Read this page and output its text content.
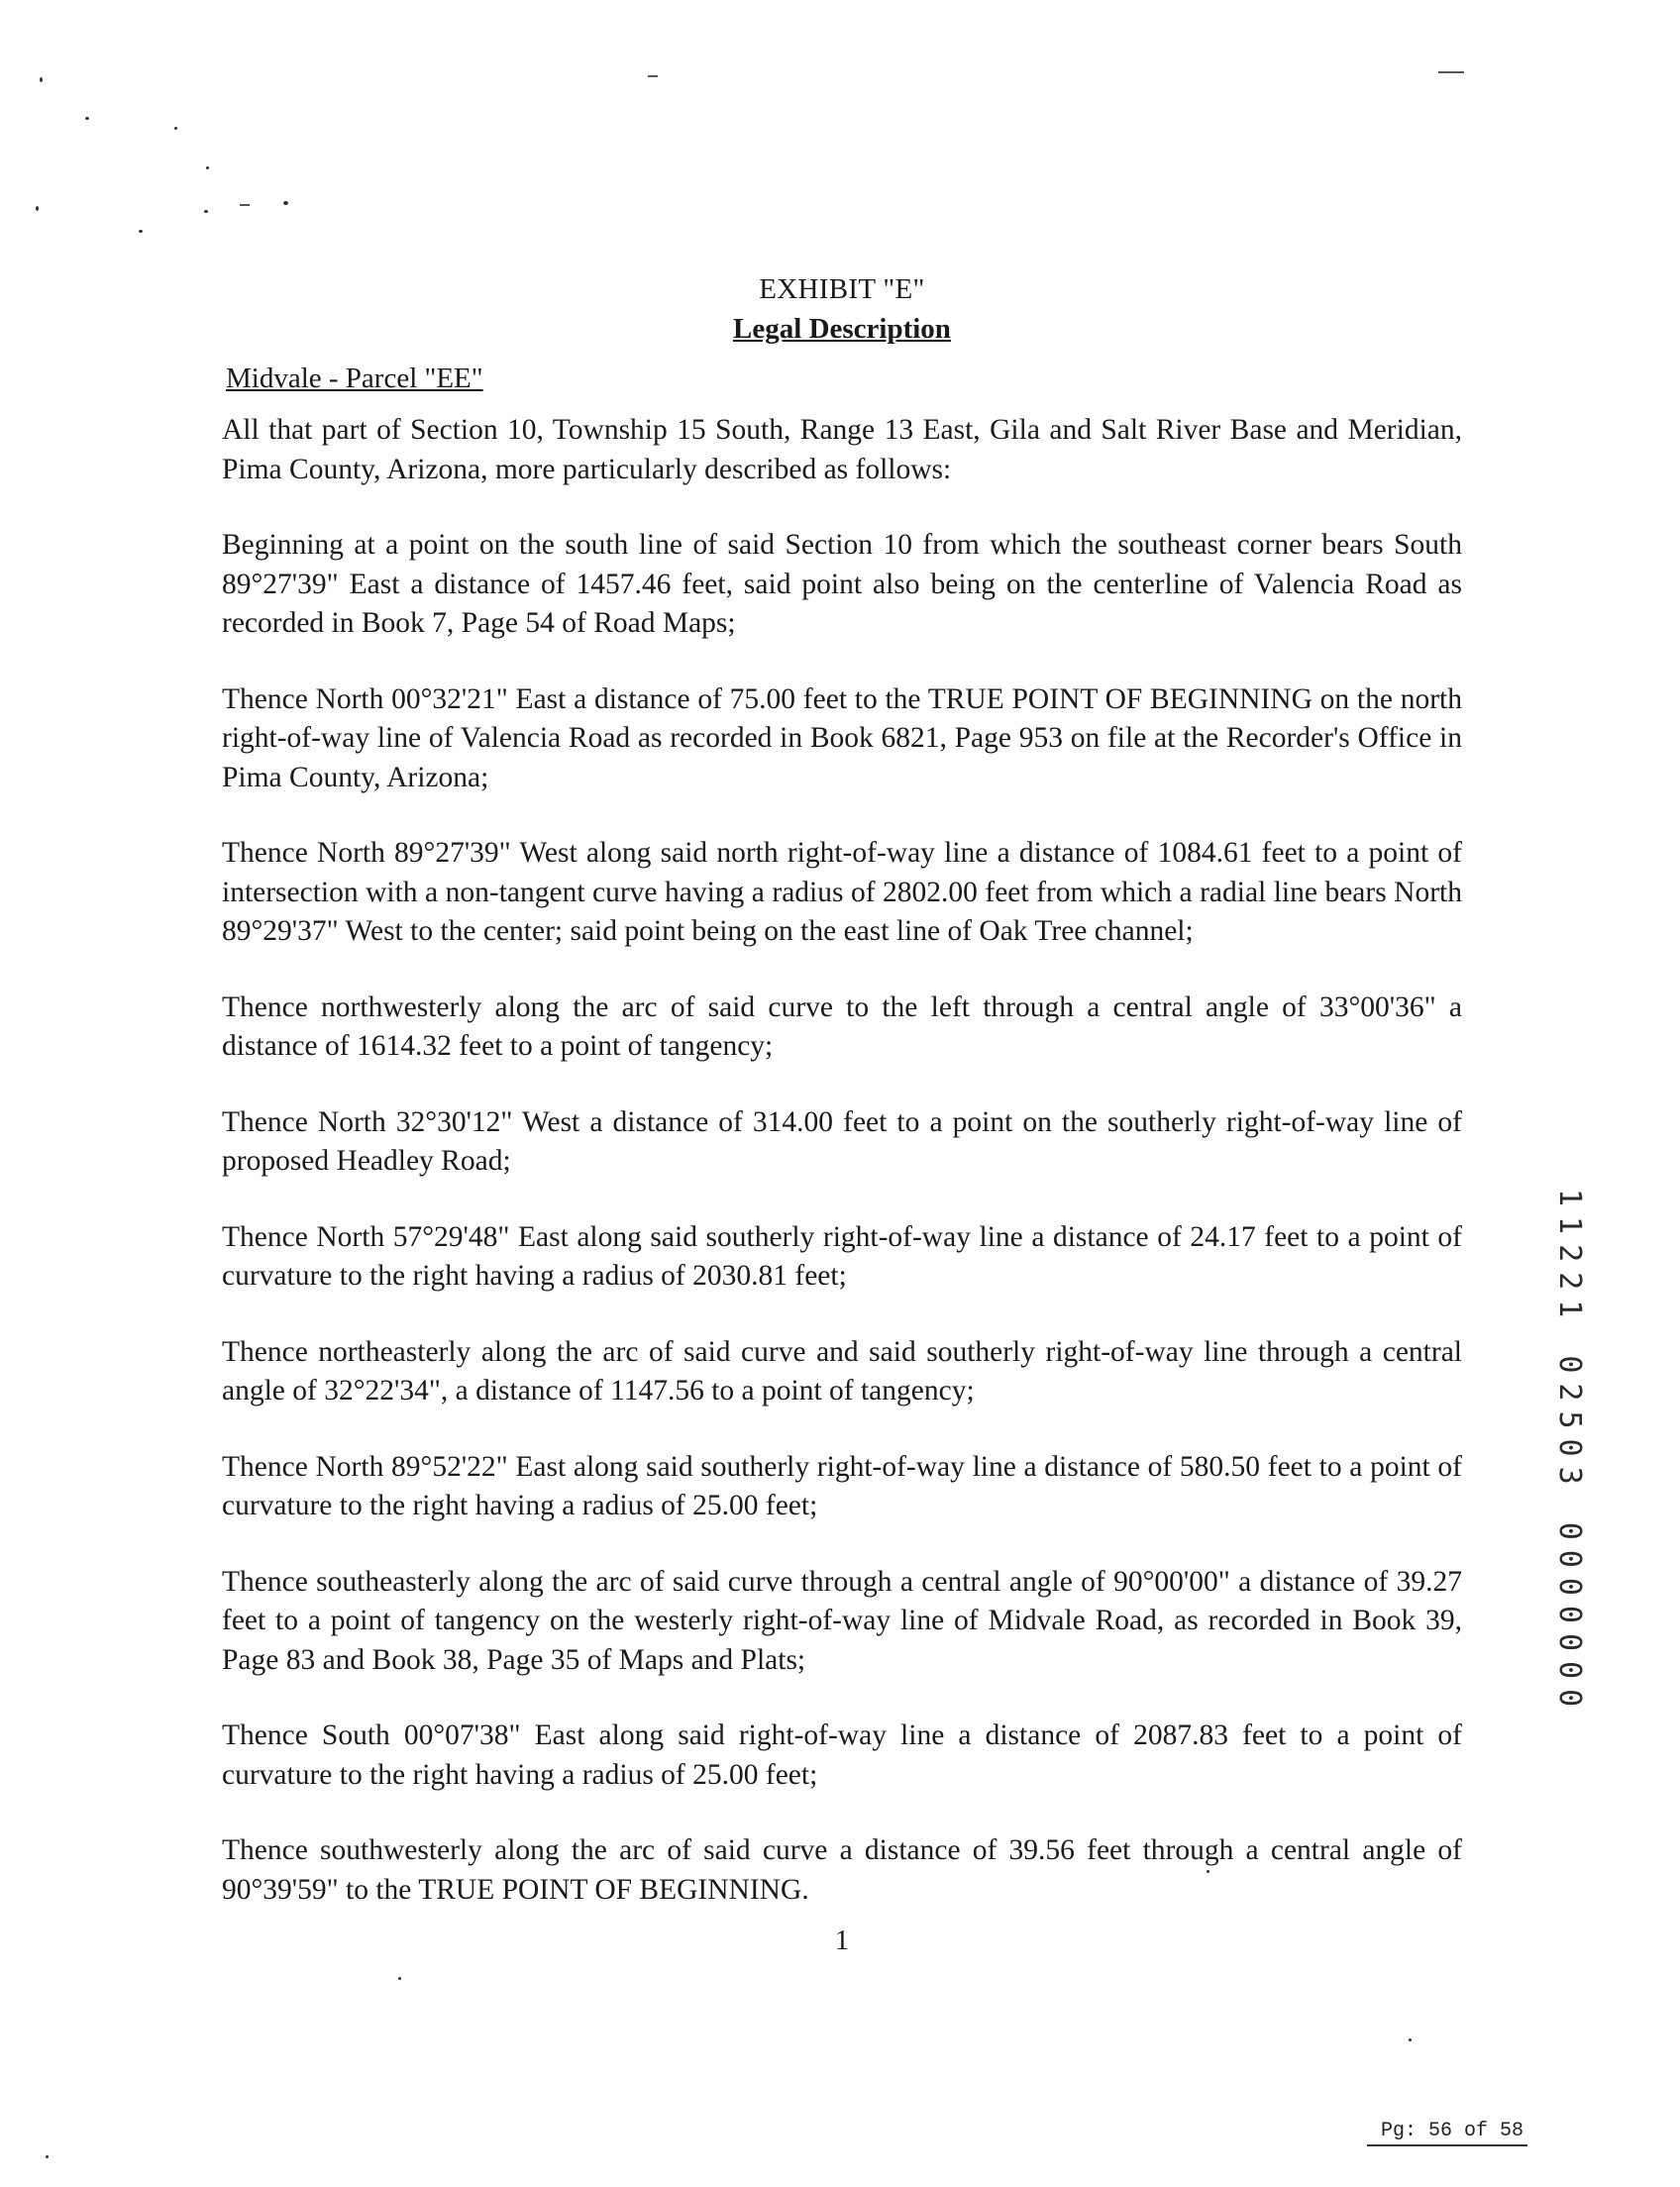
EXHIBIT "E"
Legal Description
Midvale - Parcel "EE"

All that part of Section 10, Township 15 South, Range 13 East, Gila and Salt River Base and Meridian, Pima County, Arizona, more particularly described as follows:

Beginning at a point on the south line of said Section 10 from which the southeast corner bears South 89°27'39" East a distance of 1457.46 feet, said point also being on the centerline of Valencia Road as recorded in Book 7, Page 54 of Road Maps;

Thence North 00°32'21" East a distance of 75.00 feet to the TRUE POINT OF BEGINNING on the north right-of-way line of Valencia Road as recorded in Book 6821, Page 953 on file at the Recorder's Office in Pima County, Arizona;

Thence North 89°27'39" West along said north right-of-way line a distance of 1084.61 feet to a point of intersection with a non-tangent curve having a radius of 2802.00 feet from which a radial line bears North 89°29'37" West to the center; said point being on the east line of Oak Tree channel;

Thence northwesterly along the arc of said curve to the left through a central angle of 33°00'36" a distance of 1614.32 feet to a point of tangency;

Thence North 32°30'12" West a distance of 314.00 feet to a point on the southerly right-of-way line of proposed Headley Road;

Thence North 57°29'48" East along said southerly right-of-way line a distance of 24.17 feet to a point of curvature to the right having a radius of 2030.81 feet;

Thence northeasterly along the arc of said curve and said southerly right-of-way line through a central angle of 32°22'34", a distance of 1147.56 to a point of tangency;

Thence North 89°52'22" East along said southerly right-of-way line a distance of 580.50 feet to a point of curvature to the right having a radius of 25.00 feet;

Thence southeasterly along the arc of said curve through a central angle of 90°00'00" a distance of 39.27 feet to a point of tangency on the westerly right-of-way line of Midvale Road, as recorded in Book 39, Page 83 and Book 38, Page 35 of Maps and Plats;

Thence South 00°07'38" East along said right-of-way line a distance of 2087.83 feet to a point of curvature to the right having a radius of 25.00 feet;

Thence southwesterly along the arc of said curve a distance of 39.56 feet through a central angle of 90°39'59" to the TRUE POINT OF BEGINNING.

1
11221 02503 0000000
Pg: 56 of 58
